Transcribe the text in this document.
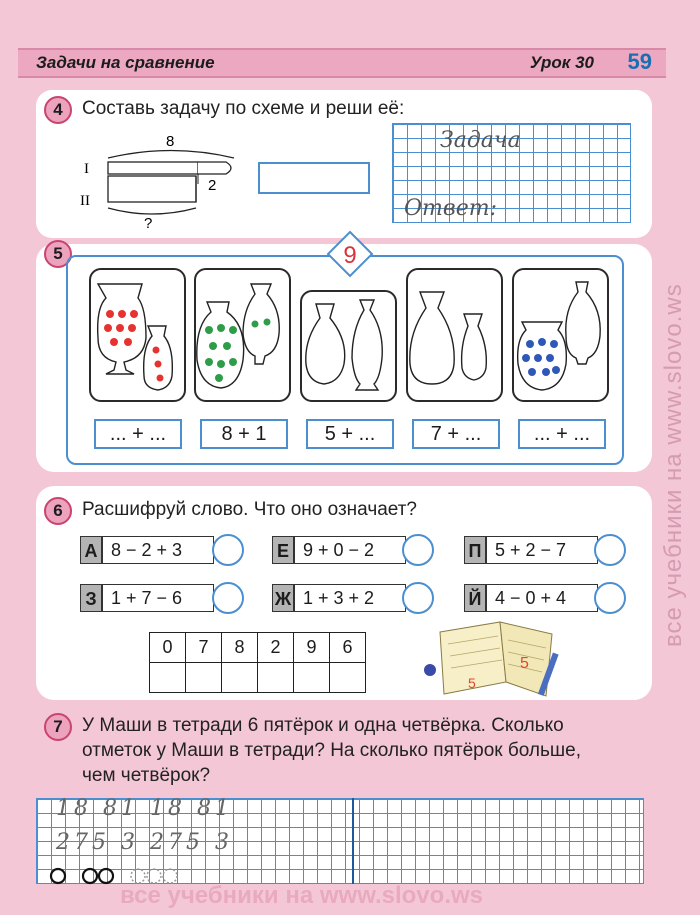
Задачи на сравнение	Урок 30 59
4	Составь задачу по схеме и реши её:
8
I
II
2
?
Задача
Ответ:
5	9
... + ...	8 + 1	5 + ...	7 + ...	... + ...
6	Расшифруй слово. Что оно означает?
А 8 − 2 + 3	Е 9 + 0 − 2	П 5 + 2 − 7
З 1 + 7 − 6	Ж 1 + 3 + 2	Й 4 − 0 + 4
0	7	8	2	9	6

5
5
7	У Маши в тетради 6 пятёрок и одна четвёрка. Сколько
отметок у Маши в тетради? На сколько пятёрок больше,
чем четвёрок?
18 81 18 81
275 3 275 3
все учебники на www.slovo.ws
все учебники на www.slovo.ws
